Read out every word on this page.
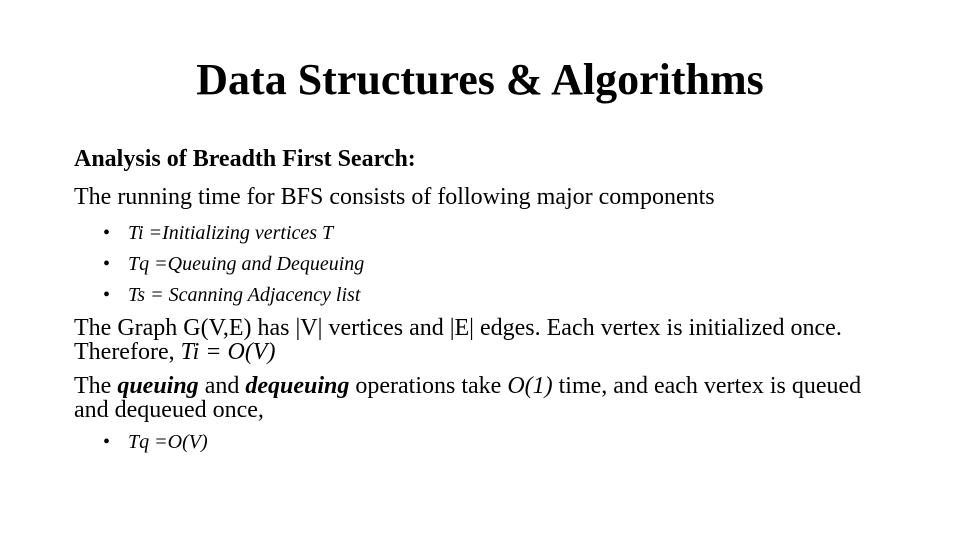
Data Structures & Algorithms

Analysis of Breadth First Search:

The running time for BFS consists of following major components

• Ti =Initializing vertices T
• Tq =Queuing and Dequeuing
• Ts = Scanning Adjacency list

The Graph G(V,E) has |V| vertices and |E| edges. Each vertex is initialized once. Therefore, Ti = O(V)

The queuing and dequeuing operations take O(1) time, and each vertex is queued and dequeued once,

• Tq =O(V)
